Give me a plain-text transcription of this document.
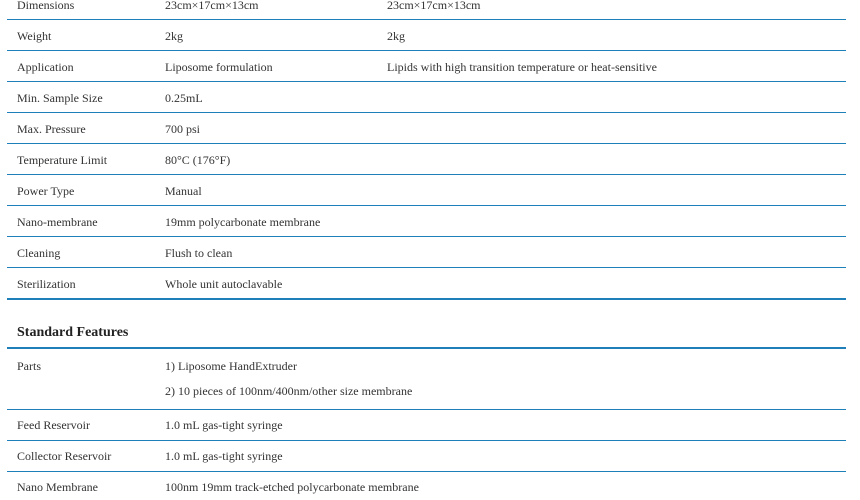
Dimensions	23cm×17cm×13cm	23cm×17cm×13cm
Weight	2kg	2kg
Application	Liposome formulation	Lipids with high transition temperature or heat-sensitive
Min. Sample Size	0.25mL
Max. Pressure	700 psi
Temperature Limit	80°C (176°F)
Power Type	Manual
Nano-membrane	19mm polycarbonate membrane
Cleaning	Flush to clean
Sterilization	Whole unit autoclavable
Standard Features
Parts	1) Liposome HandExtruder
2) 10 pieces of 100nm/400nm/other size membrane
Feed Reservoir	1.0 mL gas-tight syringe
Collector Reservoir	1.0 mL gas-tight syringe
Nano Membrane	100nm 19mm track-etched polycarbonate membrane
